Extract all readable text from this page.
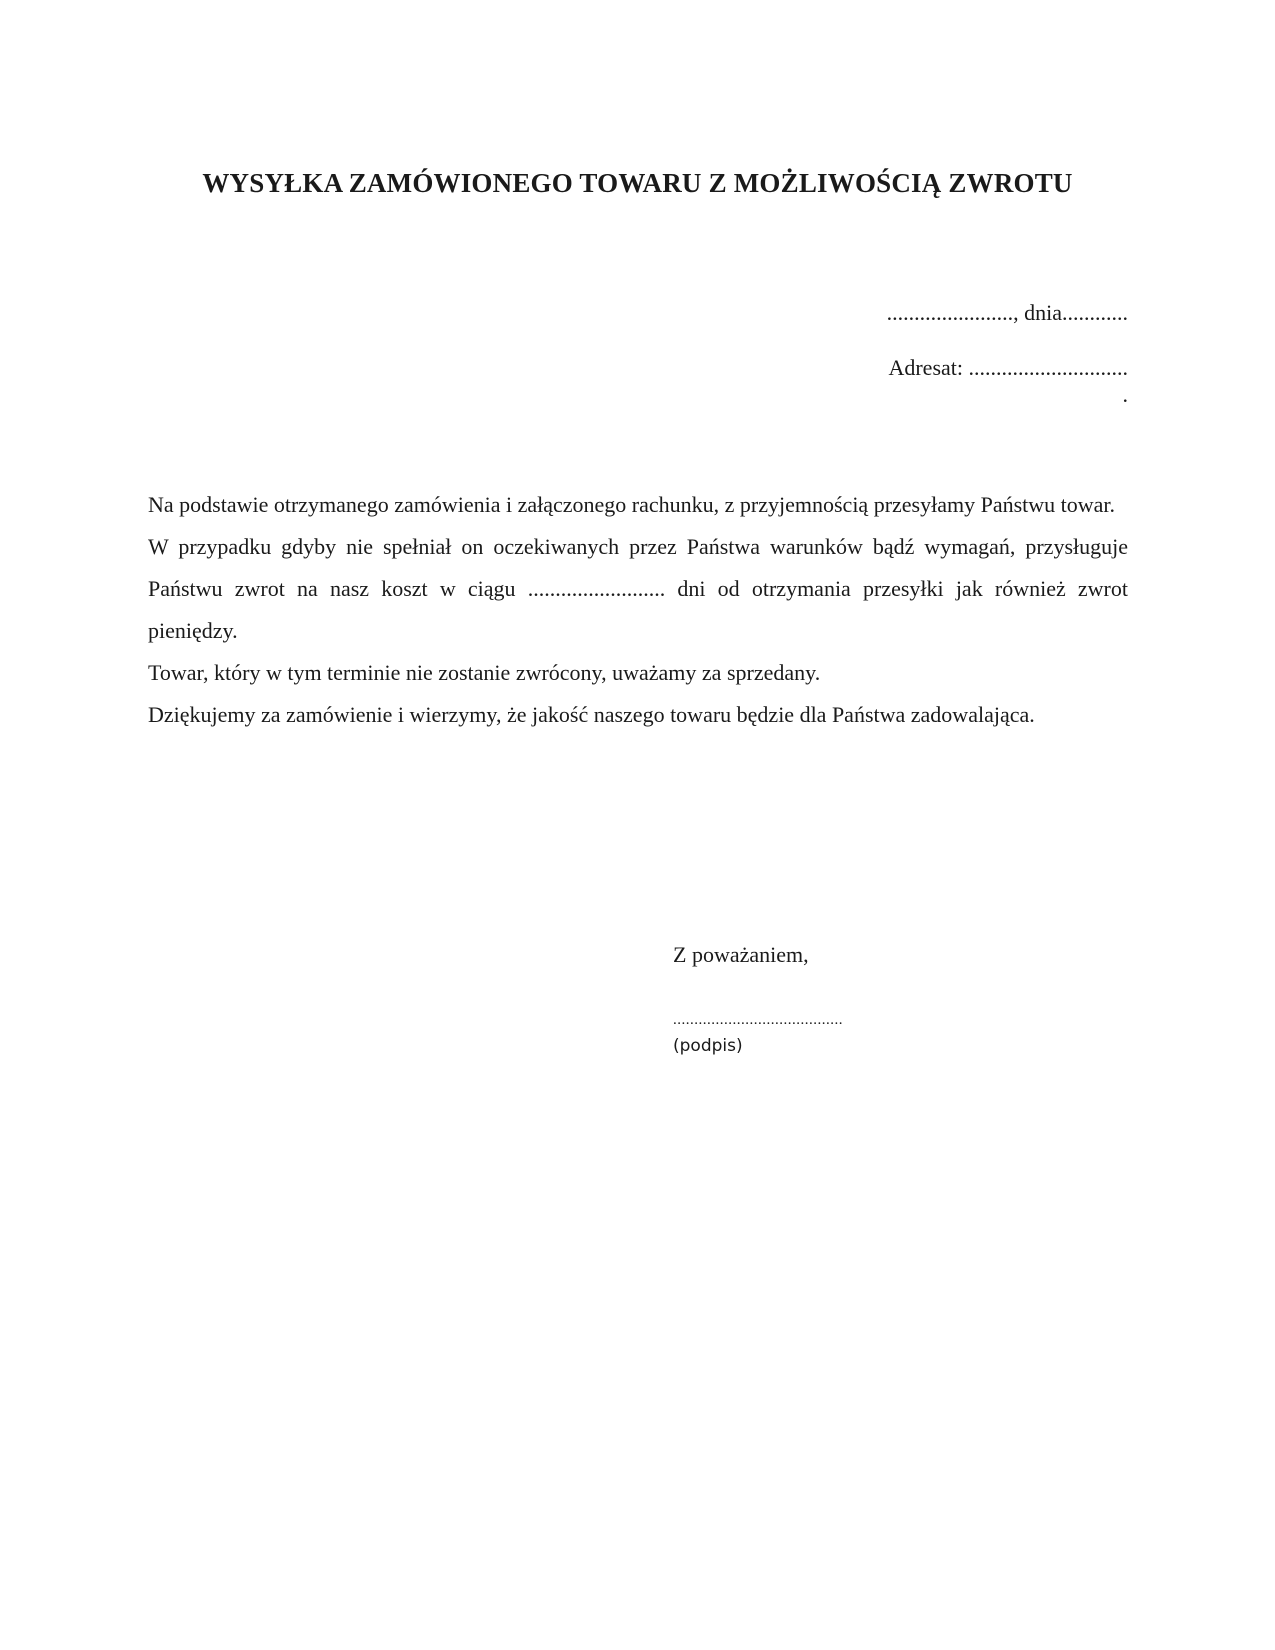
WYSYŁKA ZAMÓWIONEGO TOWARU Z MOŻLIWOŚCIĄ ZWROTU
......................., dnia............
Adresat: .............................
.

Na podstawie otrzymanego zamówienia i załączonego rachunku, z przyjemnością przesyłamy Państwu towar.

W przypadku gdyby nie spełniał on oczekiwanych przez Państwa warunków bądź wymagań, przysługuje Państwu zwrot na nasz koszt w ciągu ......................... dni od otrzymania przesyłki jak również zwrot pieniędzy.

Towar, który w tym terminie nie zostanie zwrócony, uważamy za sprzedany.

Dziękujemy za zamówienie i wierzymy, że jakość naszego towaru będzie dla Państwa zadowalająca.

Z poważaniem,
........................................
(podpis)
